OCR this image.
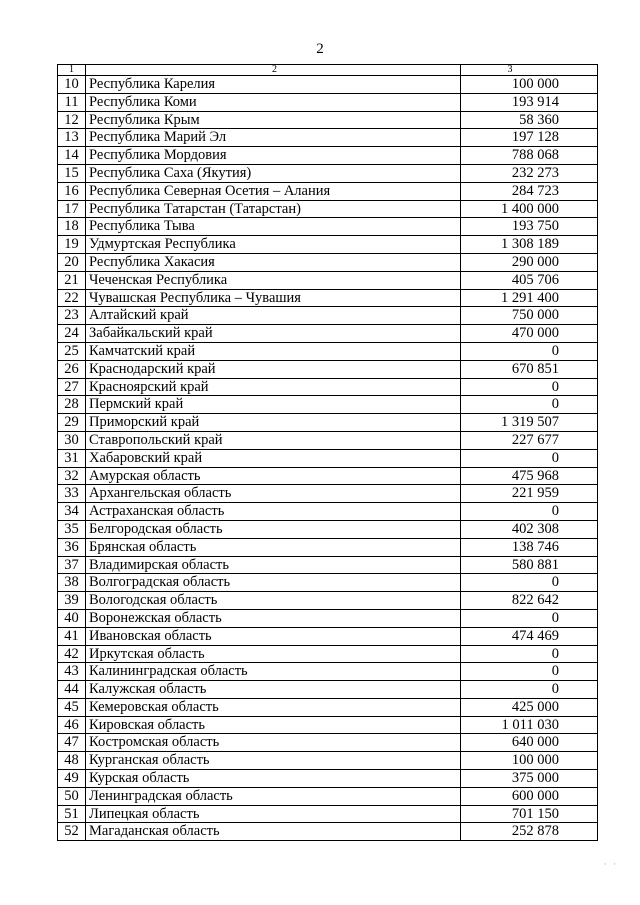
2
1	2	3
10	Республика Карелия	100 000
11	Республика Коми	193 914
12	Республика Крым	58 360
13	Республика Марий Эл	197 128
14	Республика Мордовия	788 068
15	Республика Саха (Якутия)	232 273
16	Республика Северная Осетия – Алания	284 723
17	Республика Татарстан (Татарстан)	1 400 000
18	Республика Тыва	193 750
19	Удмуртская Республика	1 308 189
20	Республика Хакасия	290 000
21	Чеченская Республика	405 706
22	Чувашская Республика – Чувашия	1 291 400
23	Алтайский край	750 000
24	Забайкальский край	470 000
25	Камчатский край	0
26	Краснодарский край	670 851
27	Красноярский край	0
28	Пермский край	0
29	Приморский край	1 319 507
30	Ставропольский край	227 677
31	Хабаровский край	0
32	Амурская область	475 968
33	Архангельская область	221 959
34	Астраханская область	0
35	Белгородская область	402 308
36	Брянская область	138 746
37	Владимирская область	580 881
38	Волгоградская область	0
39	Вологодская область	822 642
40	Воронежская область	0
41	Ивановская область	474 469
42	Иркутская область	0
43	Калининградская область	0
44	Калужская область	0
45	Кемеровская область	425 000
46	Кировская область	1 011 030
47	Костромская область	640 000
48	Курганская область	100 000
49	Курская область	375 000
50	Ленинградская область	600 000
51	Липецкая область	701 150
52	Магаданская область	252 878
· ·
